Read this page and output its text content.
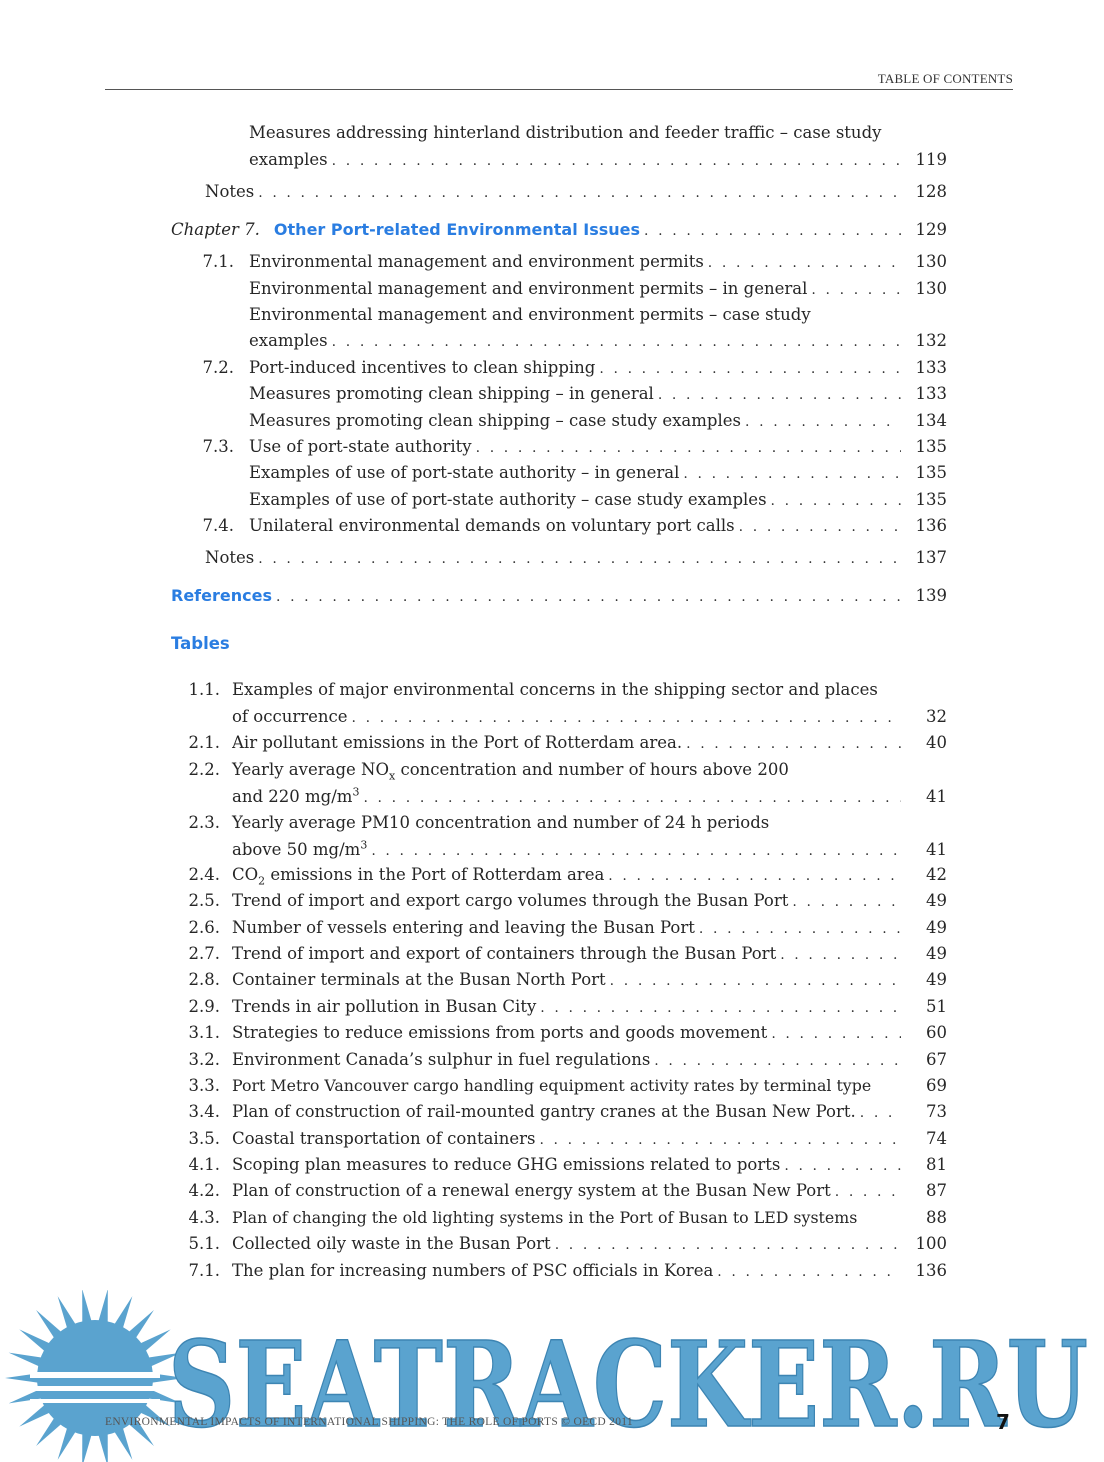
TABLE OF CONTENTS
Measures addressing hinterland distribution and feeder traffic – case study
examples . . .	119
Notes . . .	128
Chapter 7. Other Port-related Environmental Issues . . .	129
7.1. Environmental management and environment permits . . .	130
Environmental management and environment permits – in general . . .	130
Environmental management and environment permits – case study
examples . . .	132
7.2. Port-induced incentives to clean shipping . . .	133
Measures promoting clean shipping – in general . . .	133
Measures promoting clean shipping – case study examples . . .	134
7.3. Use of port-state authority . . .	135
Examples of use of port-state authority – in general . . .	135
Examples of use of port-state authority – case study examples . . .	135
7.4. Unilateral environmental demands on voluntary port calls . . .	136
Notes . . .	137
References . . .	139
Tables
1.1. Examples of major environmental concerns in the shipping sector and places
of occurrence . . .	32
2.1. Air pollutant emissions in the Port of Rotterdam area. . . .	40
2.2. Yearly average $NO_x$ concentration and number of hours above 200
and 220 $mg/m^3$ . . .	41
2.3. Yearly average PM10 concentration and number of 24 h periods
above 50 $mg/m^3$ . . .	41
2.4. $CO_2$ emissions in the Port of Rotterdam area . . .	42
2.5. Trend of import and export cargo volumes through the Busan Port . . .	49
2.6. Number of vessels entering and leaving the Busan Port . . .	49
2.7. Trend of import and export of containers through the Busan Port . . .	49
2.8. Container terminals at the Busan North Port . . .	49
2.9. Trends in air pollution in Busan City . . .	51
3.1. Strategies to reduce emissions from ports and goods movement . . .	60
3.2. Environment Canada’s sulphur in fuel regulations . . .	67
3.3. Port Metro Vancouver cargo handling equipment activity rates by terminal type	69
3.4. Plan of construction of rail-mounted gantry cranes at the Busan New Port. . . .	73
3.5. Coastal transportation of containers . . .	74
4.1. Scoping plan measures to reduce GHG emissions related to ports . . .	81
4.2. Plan of construction of a renewal energy system at the Busan New Port . . .	87
4.3. Plan of changing the old lighting systems in the Port of Busan to LED systems	88
5.1. Collected oily waste in the Busan Port . . .	100
7.1. The plan for increasing numbers of PSC officials in Korea . . .	136
SEATRACKER.RU
ENVIRONMENTAL IMPACTS OF INTERNATIONAL SHIPPING: THE ROLE OF PORTS © OECD 2011	7
